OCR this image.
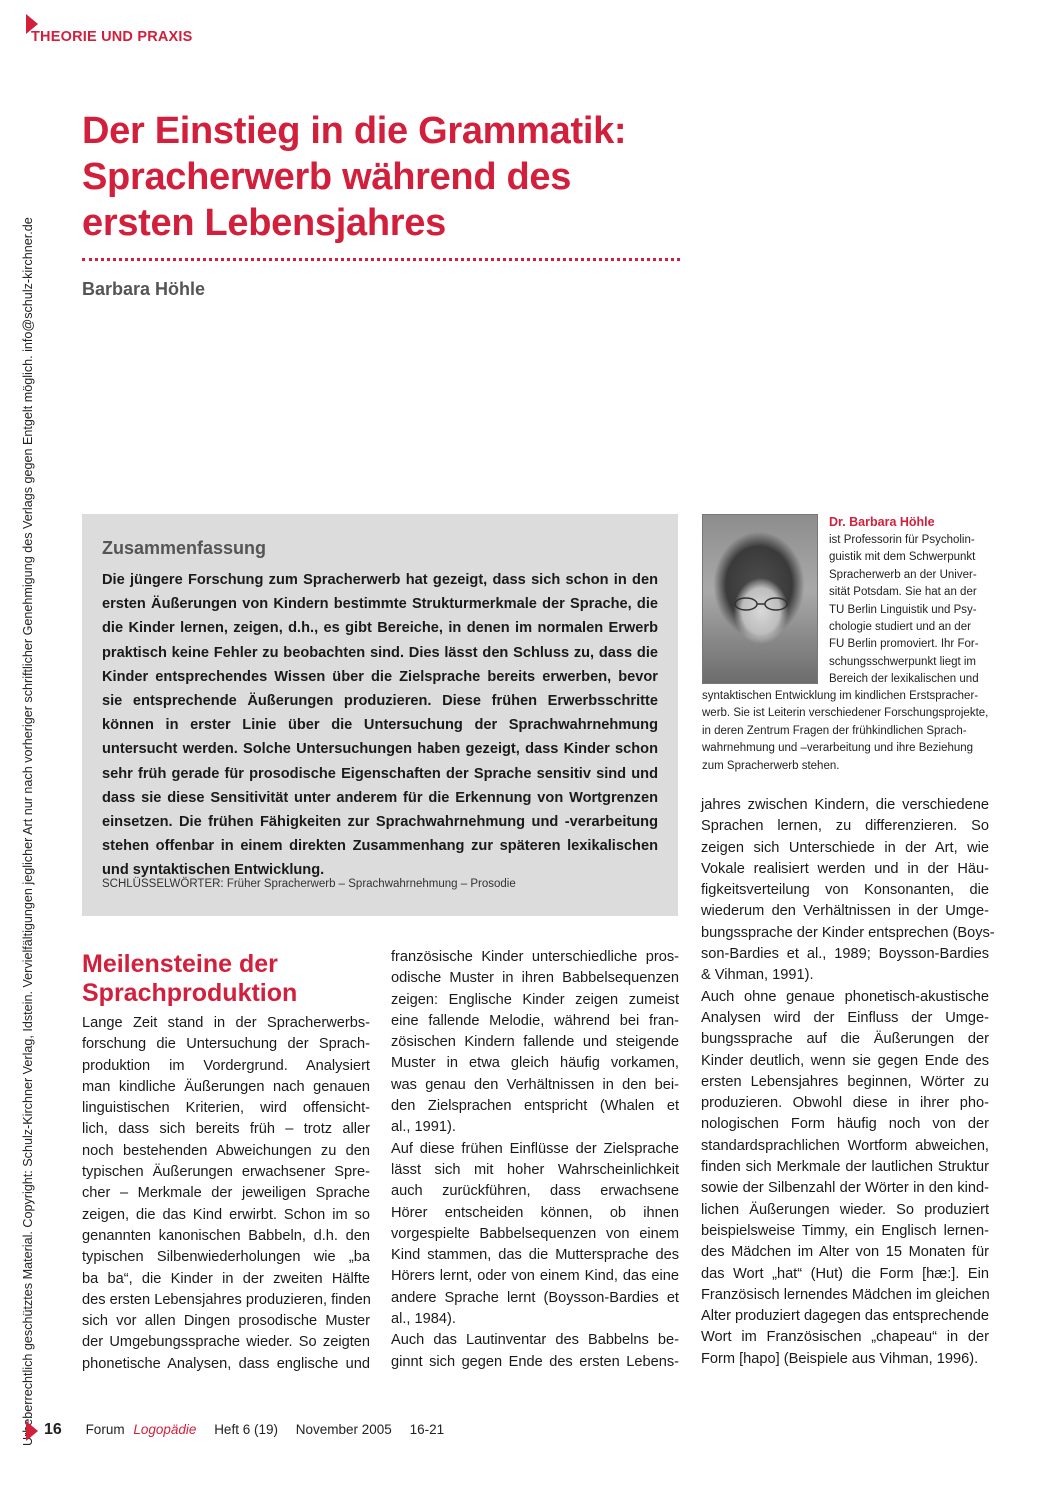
THEORIE UND PRAXIS
Urheberrechtlich geschütztes Material. Copyright: Schulz-Kirchner Verlag, Idstein. Vervielfältigungen jeglicher Art nur nach vorheriger schriftlicher Genehmigung des Verlags gegen Entgelt möglich. info@schulz-kirchner.de
Der Einstieg in die Grammatik:
Spracherwerb während des
ersten Lebensjahres
Barbara Höhle
Zusammenfassung

Die jüngere Forschung zum Spracherwerb hat gezeigt, dass sich schon in den ersten Äußerungen von Kindern bestimmte Strukturmerkmale der Sprache, die die Kinder lernen, zeigen, d.h., es gibt Bereiche, in denen im normalen Erwerb praktisch keine Fehler zu beobachten sind. Dies lässt den Schluss zu, dass die Kinder entsprechendes Wissen über die Zielsprache bereits erwerben, bevor sie entsprechende Äußerungen produzieren. Diese frühen Erwerbsschritte können in erster Linie über die Untersuchung der Sprachwahrnehmung untersucht werden. Solche Untersuchungen haben gezeigt, dass Kinder schon sehr früh gerade für prosodische Eigenschaften der Sprache sensitiv sind und dass sie diese Sensitivität unter anderem für die Erkennung von Wortgrenzen einsetzen. Die frühen Fähigkeiten zur Sprachwahrnehmung und -verarbeitung stehen offenbar in einem direkten Zusammenhang zur späteren lexikalischen und syntaktischen Entwicklung.

SCHLÜSSELWÖRTER: Früher Spracherwerb – Sprachwahrnehmung – Prosodie
Dr. Barbara Höhle
ist Professorin für Psycholin-
guistik mit dem Schwerpunkt
Spracherwerb an der Univer-
sität Potsdam. Sie hat an der
TU Berlin Linguistik und Psy-
chologie studiert und an der
FU Berlin promoviert. Ihr For-
schungsschwerpunkt liegt im
Bereich der lexikalischen und
syntaktischen Entwicklung im kindlichen Erstspracher-
werb. Sie ist Leiterin verschiedener Forschungsprojekte,
in deren Zentrum Fragen der frühkindlichen Sprach-
wahrnehmung und –verarbeitung und ihre Beziehung
zum Spracherwerb stehen.
Meilensteine der
Sprachproduktion
Lange Zeit stand in der Spracherwerbs-
forschung die Untersuchung der Sprach-
produktion im Vordergrund. Analysiert
man kindliche Äußerungen nach genauen
linguistischen Kriterien, wird offensicht-
lich, dass sich bereits früh – trotz aller
noch bestehenden Abweichungen zu den
typischen Äußerungen erwachsener Spre-
cher – Merkmale der jeweiligen Sprache
zeigen, die das Kind erwirbt. Schon im so
genannten kanonischen Babbeln, d.h. den
typischen Silbenwiederholungen wie „ba
ba ba“, die Kinder in der zweiten Hälfte
des ersten Lebensjahres produzieren, finden
sich vor allen Dingen prosodische Muster
der Umgebungssprache wieder. So zeigten
phonetische Analysen, dass englische und
französische Kinder unterschiedliche pros-
odische Muster in ihren Babbelsequenzen
zeigen: Englische Kinder zeigen zumeist
eine fallende Melodie, während bei fran-
zösischen Kindern fallende und steigende
Muster in etwa gleich häufig vorkamen,
was genau den Verhältnissen in den bei-
den Zielsprachen entspricht (Whalen et
al., 1991).
Auf diese frühen Einflüsse der Zielsprache
lässt sich mit hoher Wahrscheinlichkeit
auch zurückführen, dass erwachsene
Hörer entscheiden können, ob ihnen
vorgespielte Babbelsequenzen von einem
Kind stammen, das die Muttersprache des
Hörers lernt, oder von einem Kind, das eine
andere Sprache lernt (Boysson-Bardies et
al., 1984).
Auch das Lautinventar des Babbelns be-
ginnt sich gegen Ende des ersten Lebens-
jahres zwischen Kindern, die verschiedene
Sprachen lernen, zu differenzieren. So
zeigen sich Unterschiede in der Art, wie
Vokale realisiert werden und in der Häu-
figkeitsverteilung von Konsonanten, die
wiederum den Verhältnissen in der Umge-
bungssprache der Kinder entsprechen (Boys-
son-Bardies et al., 1989; Boysson-Bardies
& Vihman, 1991).
Auch ohne genaue phonetisch-akustische
Analysen wird der Einfluss der Umge-
bungssprache auf die Äußerungen der
Kinder deutlich, wenn sie gegen Ende des
ersten Lebensjahres beginnen, Wörter zu
produzieren. Obwohl diese in ihrer pho-
nologischen Form häufig noch von der
standardsprachlichen Wortform abweichen,
finden sich Merkmale der lautlichen Struktur
sowie der Silbenzahl der Wörter in den kind-
lichen Äußerungen wieder. So produziert
beispielsweise Timmy, ein Englisch lernen-
des Mädchen im Alter von 15 Monaten für
das Wort „hat“ (Hut) die Form [hæ:]. Ein
Französisch lernendes Mädchen im gleichen
Alter produziert dagegen das entsprechende
Wort im Französischen „chapeau“ in der
Form [hapo] (Beispiele aus Vihman, 1996).
16 Forum Logopädie Heft 6 (19) November 2005 16-21
